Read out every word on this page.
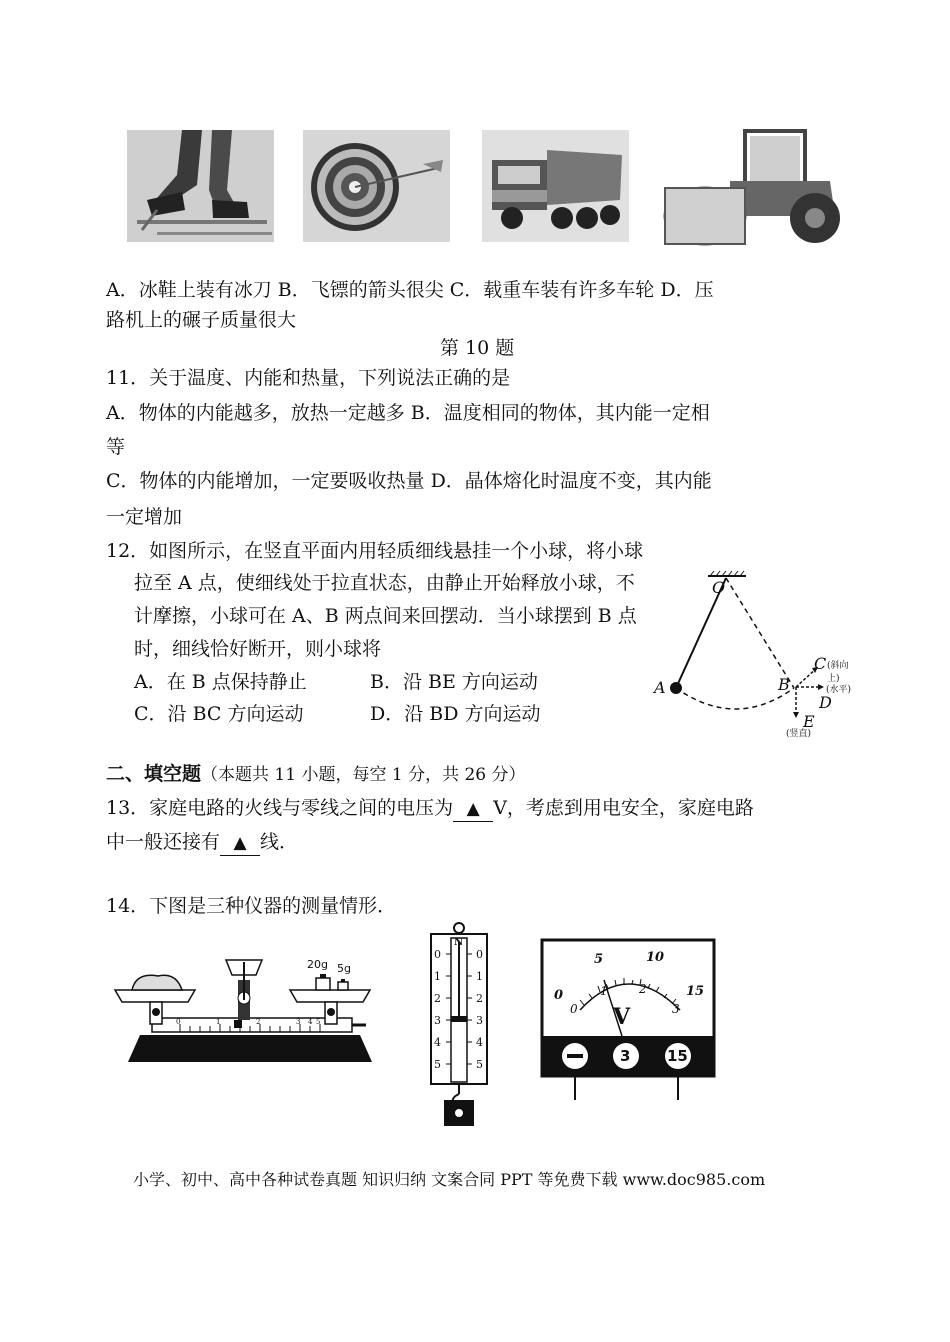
A．冰鞋上装有冰刀 B．飞镖的箭头很尖 C．载重车装有许多车轮 D．压
路机上的碾子质量很大
第 10 题
11．关于温度、内能和热量，下列说法正确的是
A．物体的内能越多，放热一定越多 B．温度相同的物体，其内能一定相
等
C．物体的内能增加，一定要吸收热量 D．晶体熔化时温度不变，其内能
一定增加
12．如图所示，在竖直平面内用轻质细线悬挂一个小球，将小球
拉至 A 点，使细线处于拉直状态，由静止开始释放小球，不
计摩擦，小球可在 A、B 两点间来回摆动．当小球摆到 B 点
时，细线恰好断开，则小球将
A．在 B 点保持静止	B．沿 BE 方向运动
C．沿 BC 方向运动	D．沿 BD 方向运动
O
A	B
C (斜向上)
D
(水平)
E
(竖直)
二、填空题（本题共 11 小题，每空 1 分，共 26 分）
13．家庭电路的火线与零线之间的电压为 ▲ V，考虑到用电安全，家庭电路
中一般还接有 ▲ 线．
14．下图是三种仪器的测量情形．
20g 5g
0	1	2	3 4 5
N
0
1
2
3
4
5
0
1
2
3
4
5
0
5	10
15
0
1	2
3
V
3 15
小学、初中、高中各种试卷真题 知识归纳 文案合同 PPT 等免费下载 www.doc985.com
